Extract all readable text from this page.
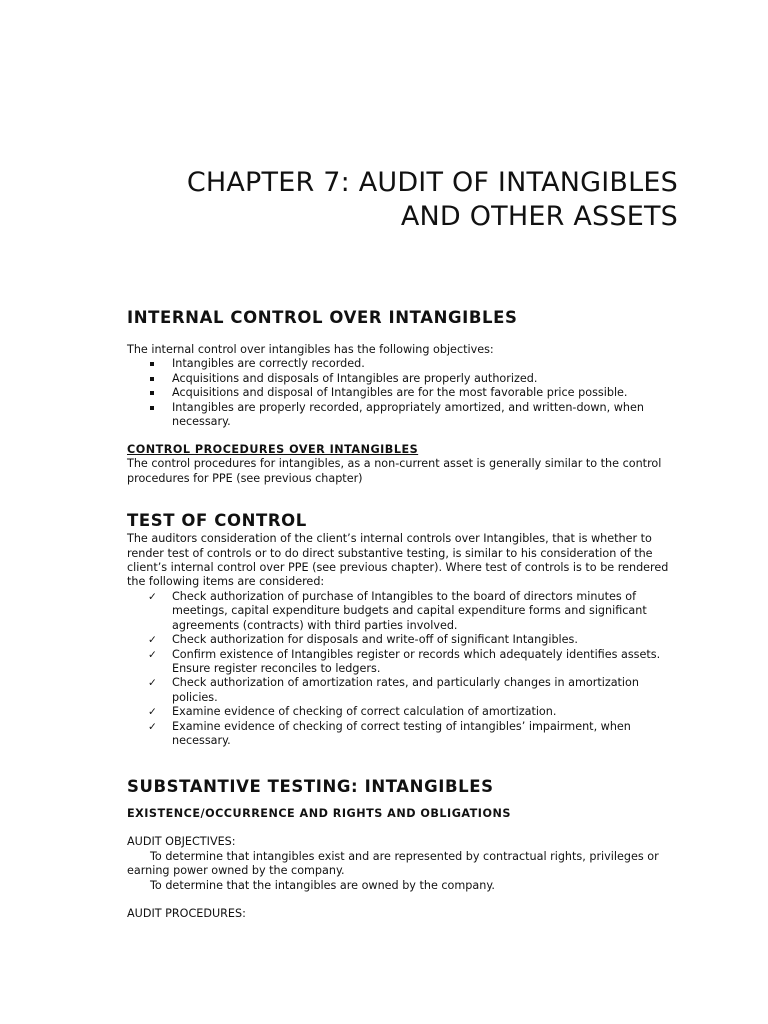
CHAPTER 7: AUDIT OF INTANGIBLES
AND OTHER ASSETS
INTERNAL CONTROL OVER INTANGIBLES

The internal control over intangibles has the following objectives:

Intangibles are correctly recorded.
Acquisitions and disposals of Intangibles are properly authorized.
Acquisitions and disposal of Intangibles are for the most favorable price possible.
Intangibles are properly recorded, appropriately amortized, and written-down, when necessary.
CONTROL PROCEDURES OVER INTANGIBLES

The control procedures for intangibles, as a non-current asset is generally similar to the control procedures for PPE (see previous chapter)

TEST OF CONTROL

The auditors consideration of the client’s internal controls over Intangibles, that is whether to render test of controls or to do direct substantive testing, is similar to his consideration of the client’s internal control over PPE (see previous chapter). Where test of controls is to be rendered the following items are considered:

✓	Check authorization of purchase of Intangibles to the board of directors minutes of meetings, capital expenditure budgets and capital expenditure forms and significant agreements (contracts) with third parties involved.
✓	Check authorization for disposals and write-off of significant Intangibles.
✓	Confirm existence of Intangibles register or records which adequately identifies assets. Ensure register reconciles to ledgers.
✓	Check authorization of amortization rates, and particularly changes in amortization policies.
✓	Examine evidence of checking of correct calculation of amortization.
✓	Examine evidence of checking of correct testing of intangibles’ impairment, when necessary.
SUBSTANTIVE TESTING: INTANGIBLES
EXISTENCE/OCCURRENCE AND RIGHTS AND OBLIGATIONS

AUDIT OBJECTIVES:

To determine that intangibles exist and are represented by contractual rights, privileges or earning power owned by the company.

To determine that the intangibles are owned by the company.

AUDIT PROCEDURES:
